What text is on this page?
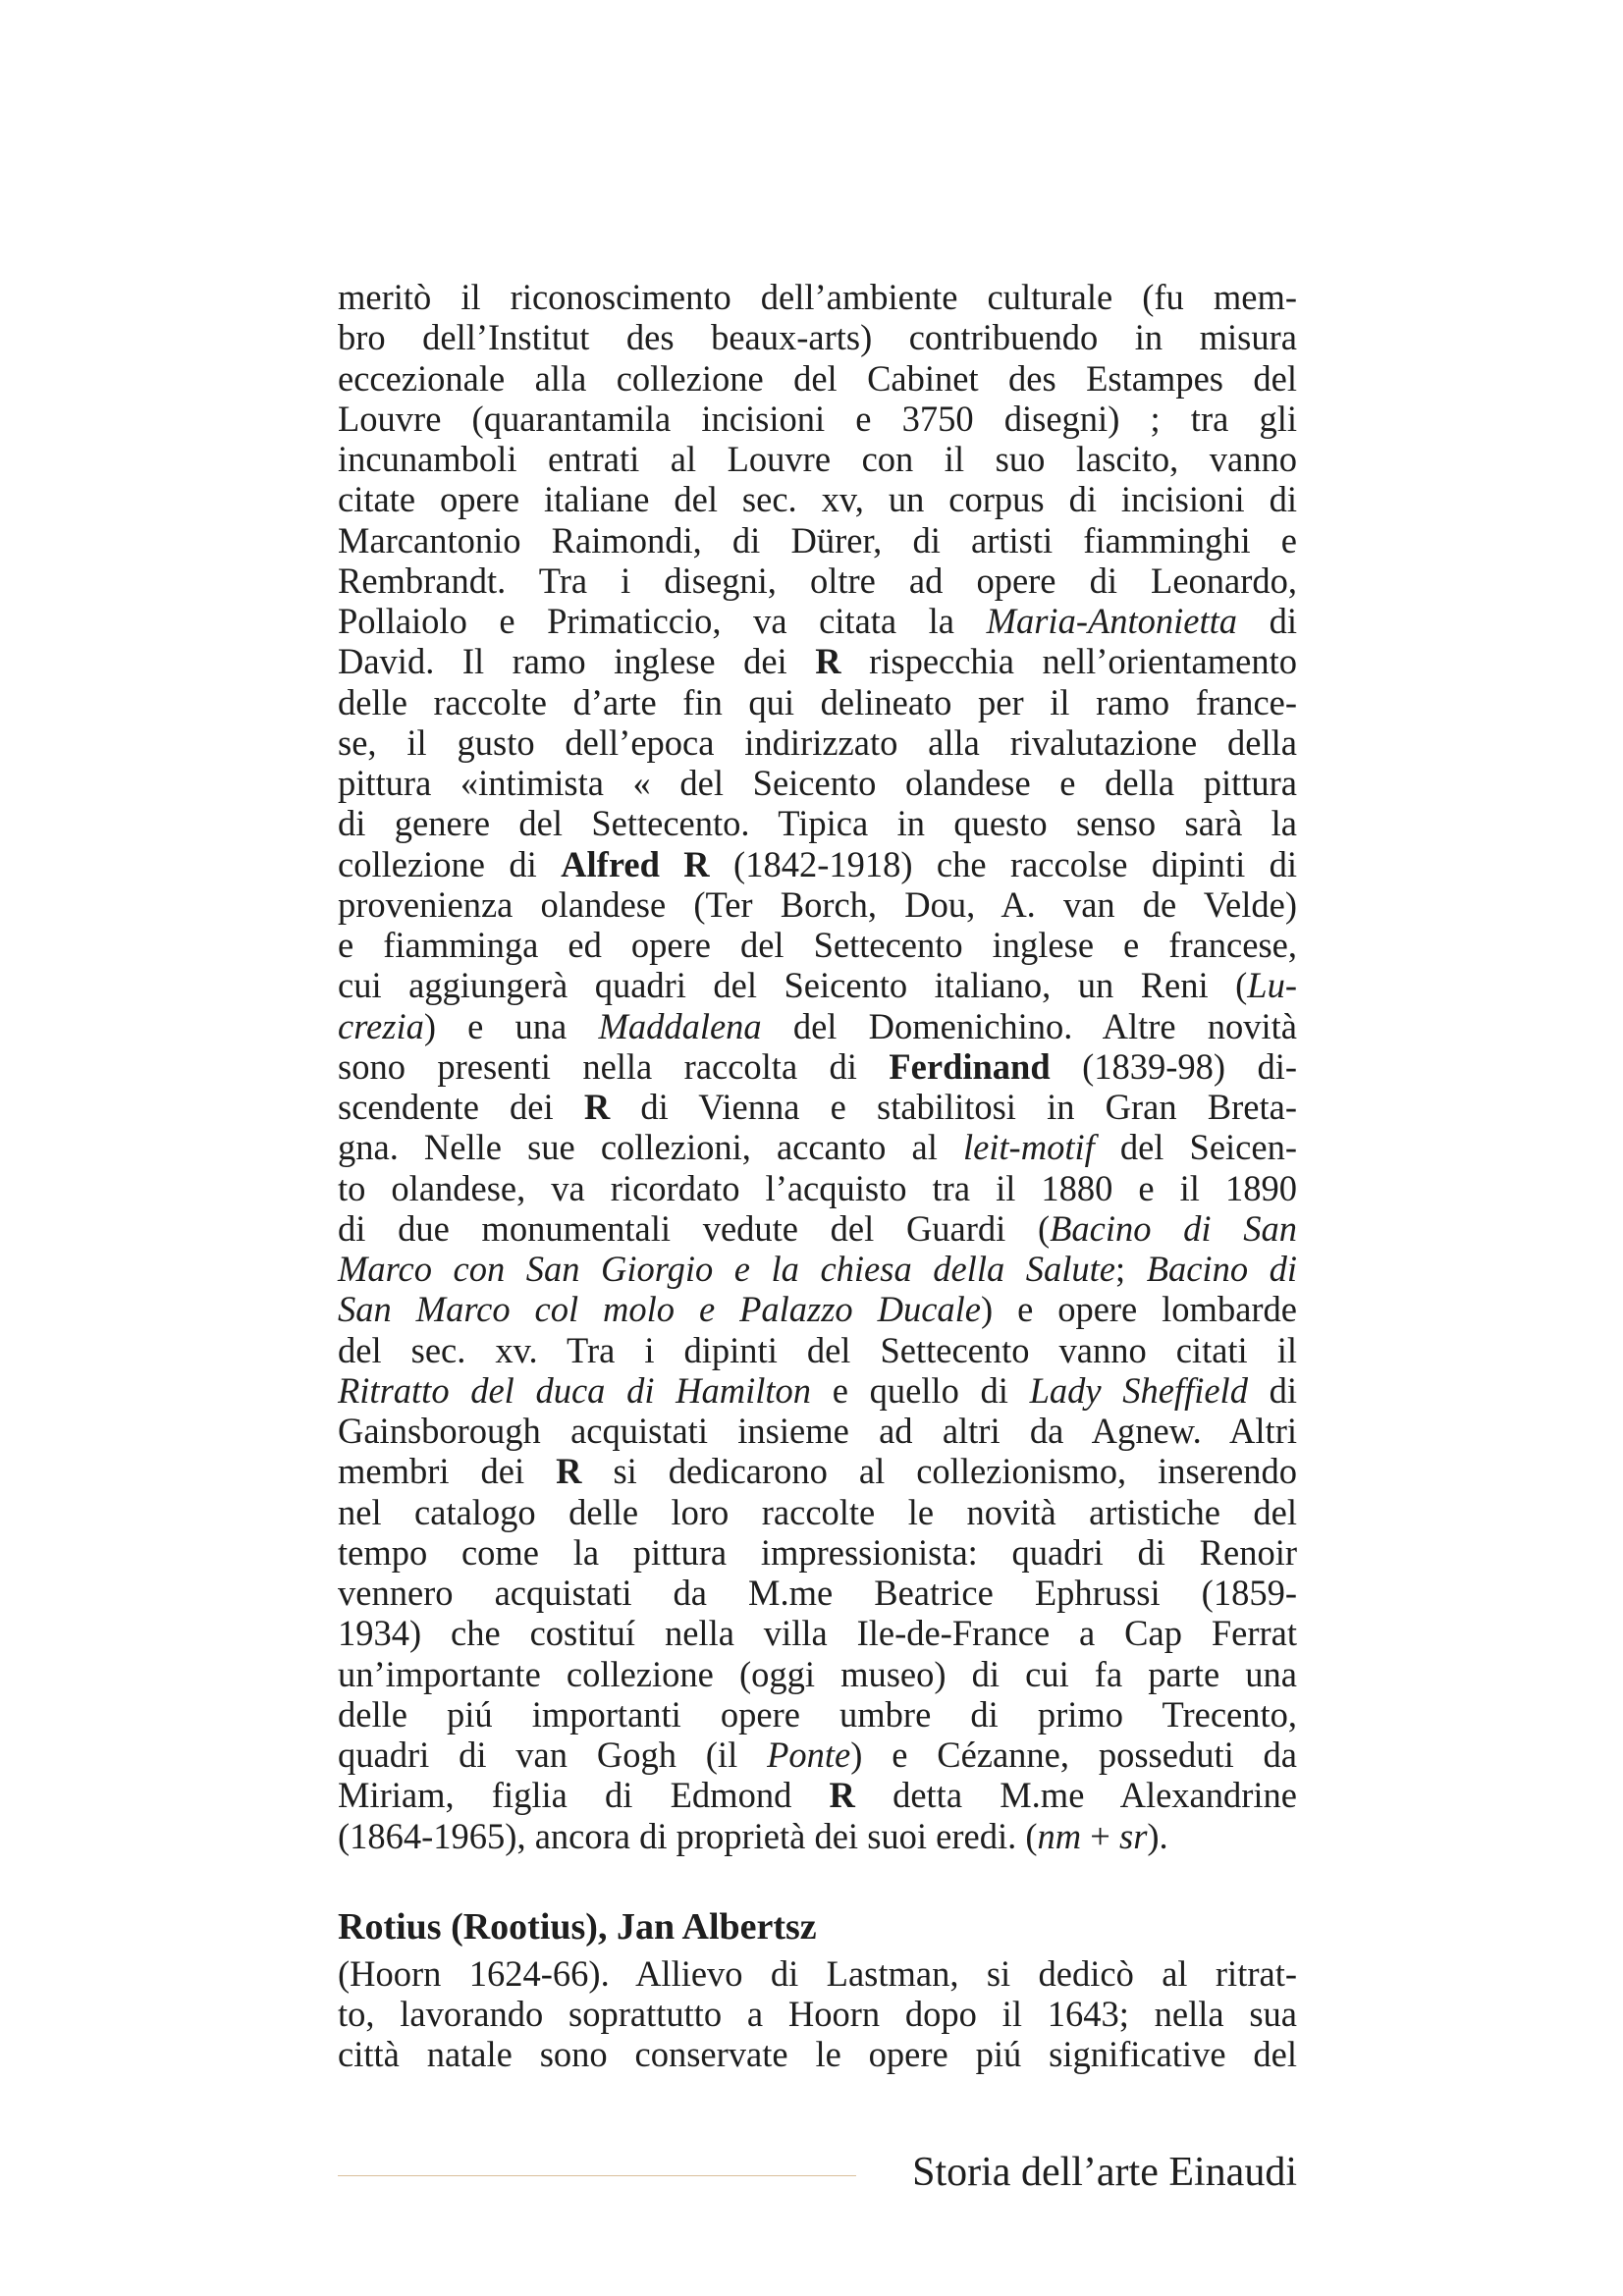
meritò il riconoscimento dell’ambiente culturale (fu mem-
bro dell’Institut des beaux-arts) contribuendo in misura
eccezionale alla collezione del Cabinet des Estampes del
Louvre (quarantamila incisioni e 3750 disegni) ; tra gli
incunamboli entrati al Louvre con il suo lascito, vanno
citate opere italiane del sec. xv, un corpus di incisioni di
Marcantonio Raimondi, di Dürer, di artisti fiamminghi e
Rembrandt. Tra i disegni, oltre ad opere di Leonardo,
Pollaiolo e Primaticcio, va citata la Maria-Antonietta di
David. Il ramo inglese dei R rispecchia nell’orientamento
delle raccolte d’arte fin qui delineato per il ramo france-
se, il gusto dell’epoca indirizzato alla rivalutazione della
pittura «intimista « del Seicento olandese e della pittura
di genere del Settecento. Tipica in questo senso sarà la
collezione di Alfred R (1842-1918) che raccolse dipinti di
provenienza olandese (Ter Borch, Dou, A. van de Velde)
e fiamminga ed opere del Settecento inglese e francese,
cui aggiungerà quadri del Seicento italiano, un Reni (Lu-
crezia) e una Maddalena del Domenichino. Altre novità
sono presenti nella raccolta di Ferdinand (1839-98) di-
scendente dei R di Vienna e stabilitosi in Gran Breta-
gna. Nelle sue collezioni, accanto al leit-motif del Seicen-
to olandese, va ricordato l’acquisto tra il 1880 e il 1890
di due monumentali vedute del Guardi (Bacino di San
Marco con San Giorgio e la chiesa della Salute; Bacino di
San Marco col molo e Palazzo Ducale) e opere lombarde
del sec. xv. Tra i dipinti del Settecento vanno citati il
Ritratto del duca di Hamilton e quello di Lady Sheffield di
Gainsborough acquistati insieme ad altri da Agnew. Altri
membri dei R si dedicarono al collezionismo, inserendo
nel catalogo delle loro raccolte le novità artistiche del
tempo come la pittura impressionista: quadri di Renoir
vennero acquistati da M.me Beatrice Ephrussi (1859-
1934) che costituí nella villa Ile-de-France a Cap Ferrat
un’importante collezione (oggi museo) di cui fa parte una
delle piú importanti opere umbre di primo Trecento,
quadri di van Gogh (il Ponte) e Cézanne, posseduti da
Miriam, figlia di Edmond R detta M.me Alexandrine
(1864-1965), ancora di proprietà dei suoi eredi. (nm + sr).
Rotius (Rootius), Jan Albertsz
(Hoorn 1624-66). Allievo di Lastman, si dedicò al ritrat-
to, lavorando soprattutto a Hoorn dopo il 1643; nella sua
città natale sono conservate le opere piú significative del
Storia dell’arte Einaudi
